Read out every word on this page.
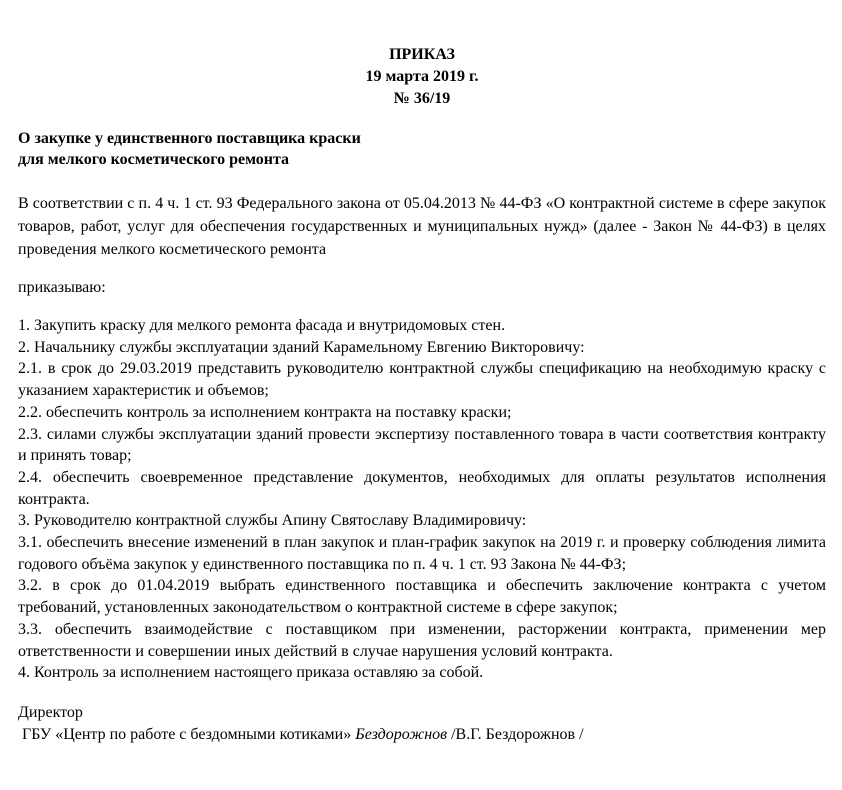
ПРИКАЗ
19 марта 2019 г.
№ 36/19
О закупке у единственного поставщика краски
для мелкого косметического ремонта
В соответствии с п. 4 ч. 1 ст. 93 Федерального закона от 05.04.2013 № 44-ФЗ «О контрактной системе в сфере закупок товаров, работ, услуг для обеспечения государственных и муниципальных нужд» (далее - Закон № 44-ФЗ) в целях проведения мелкого косметического ремонта
приказываю:
1. Закупить краску для мелкого ремонта фасада и внутридомовых стен.
2. Начальнику службы эксплуатации зданий Карамельному Евгению Викторовичу:
2.1. в срок до 29.03.2019 представить руководителю контрактной службы спецификацию на необходимую краску с указанием характеристик и объемов;
2.2. обеспечить контроль за исполнением контракта на поставку краски;
2.3. силами службы эксплуатации зданий провести экспертизу поставленного товара в части соответствия контракту и принять товар;
2.4. обеспечить своевременное представление документов, необходимых для оплаты результатов исполнения контракта.
3. Руководителю контрактной службы Апину Святославу Владимировичу:
3.1. обеспечить внесение изменений в план закупок и план-график закупок на 2019 г. и проверку соблюдения лимита годового объёма закупок у единственного поставщика по п. 4 ч. 1 ст. 93 Закона № 44-ФЗ;
3.2. в срок до 01.04.2019 выбрать единственного поставщика и обеспечить заключение контракта с учетом требований, установленных законодательством о контрактной системе в сфере закупок;
3.3. обеспечить взаимодействие с поставщиком при изменении, расторжении контракта, применении мер ответственности и совершении иных действий в случае нарушения условий контракта.
4. Контроль за исполнением настоящего приказа оставляю за собой.
Директор
ГБУ «Центр по работе с бездомными котиками» Бездорожнов /В.Г. Бездорожнов /
